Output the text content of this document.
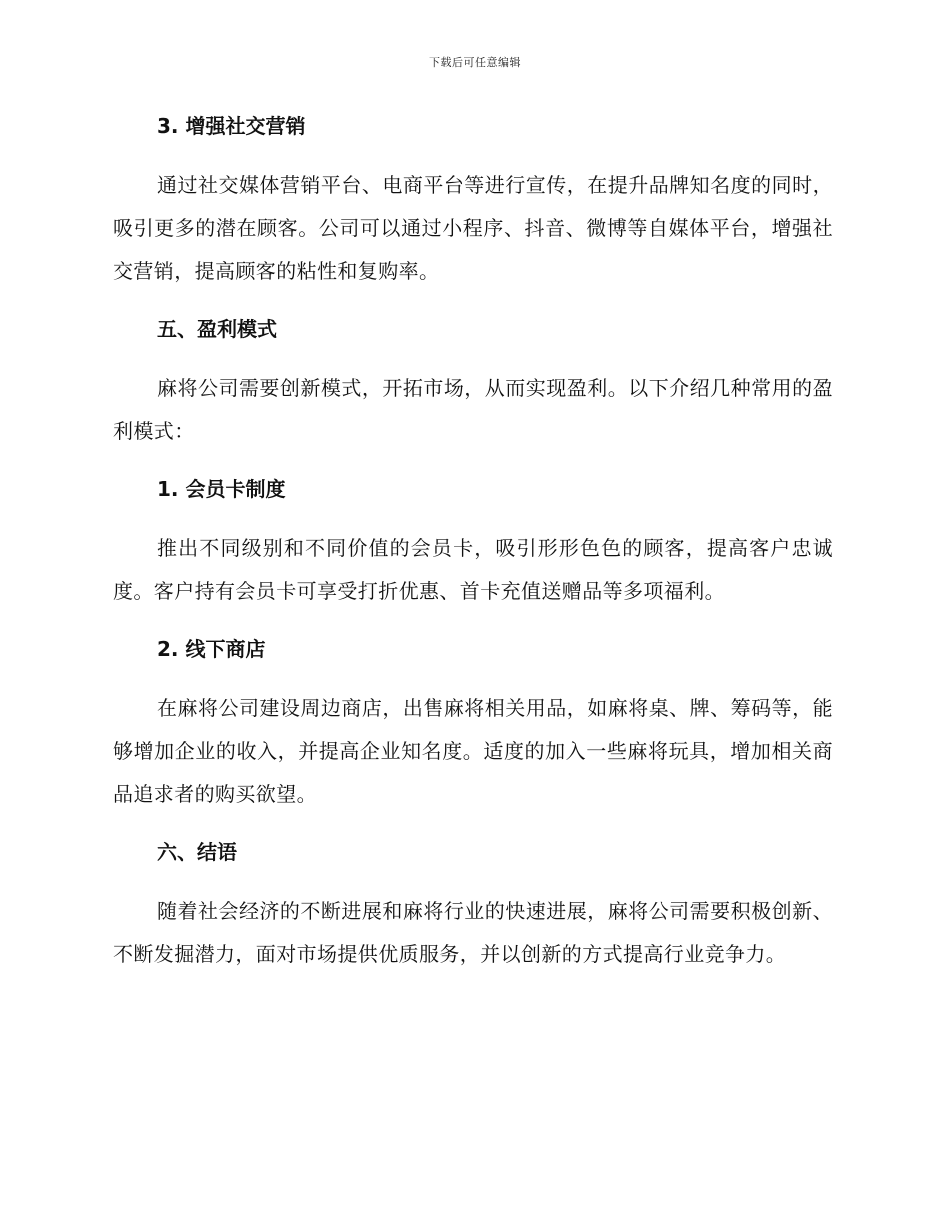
下载后可任意编辑
3. 增强社交营销

通过社交媒体营销平台、电商平台等进行宣传，在提升品牌知名度的同时，吸引更多的潜在顾客。公司可以通过小程序、抖音、微博等自媒体平台，增强社交营销，提高顾客的粘性和复购率。

五、盈利模式

麻将公司需要创新模式，开拓市场，从而实现盈利。以下介绍几种常用的盈利模式：

1. 会员卡制度

推出不同级别和不同价值的会员卡，吸引形形色色的顾客，提高客户忠诚度。客户持有会员卡可享受打折优惠、首卡充值送赠品等多项福利。

2. 线下商店

在麻将公司建设周边商店，出售麻将相关用品，如麻将桌、牌、筹码等，能够增加企业的收入，并提高企业知名度。适度的加入一些麻将玩具，增加相关商品追求者的购买欲望。

六、结语

随着社会经济的不断进展和麻将行业的快速进展，麻将公司需要积极创新、不断发掘潜力，面对市场提供优质服务，并以创新的方式提高行业竞争力。
